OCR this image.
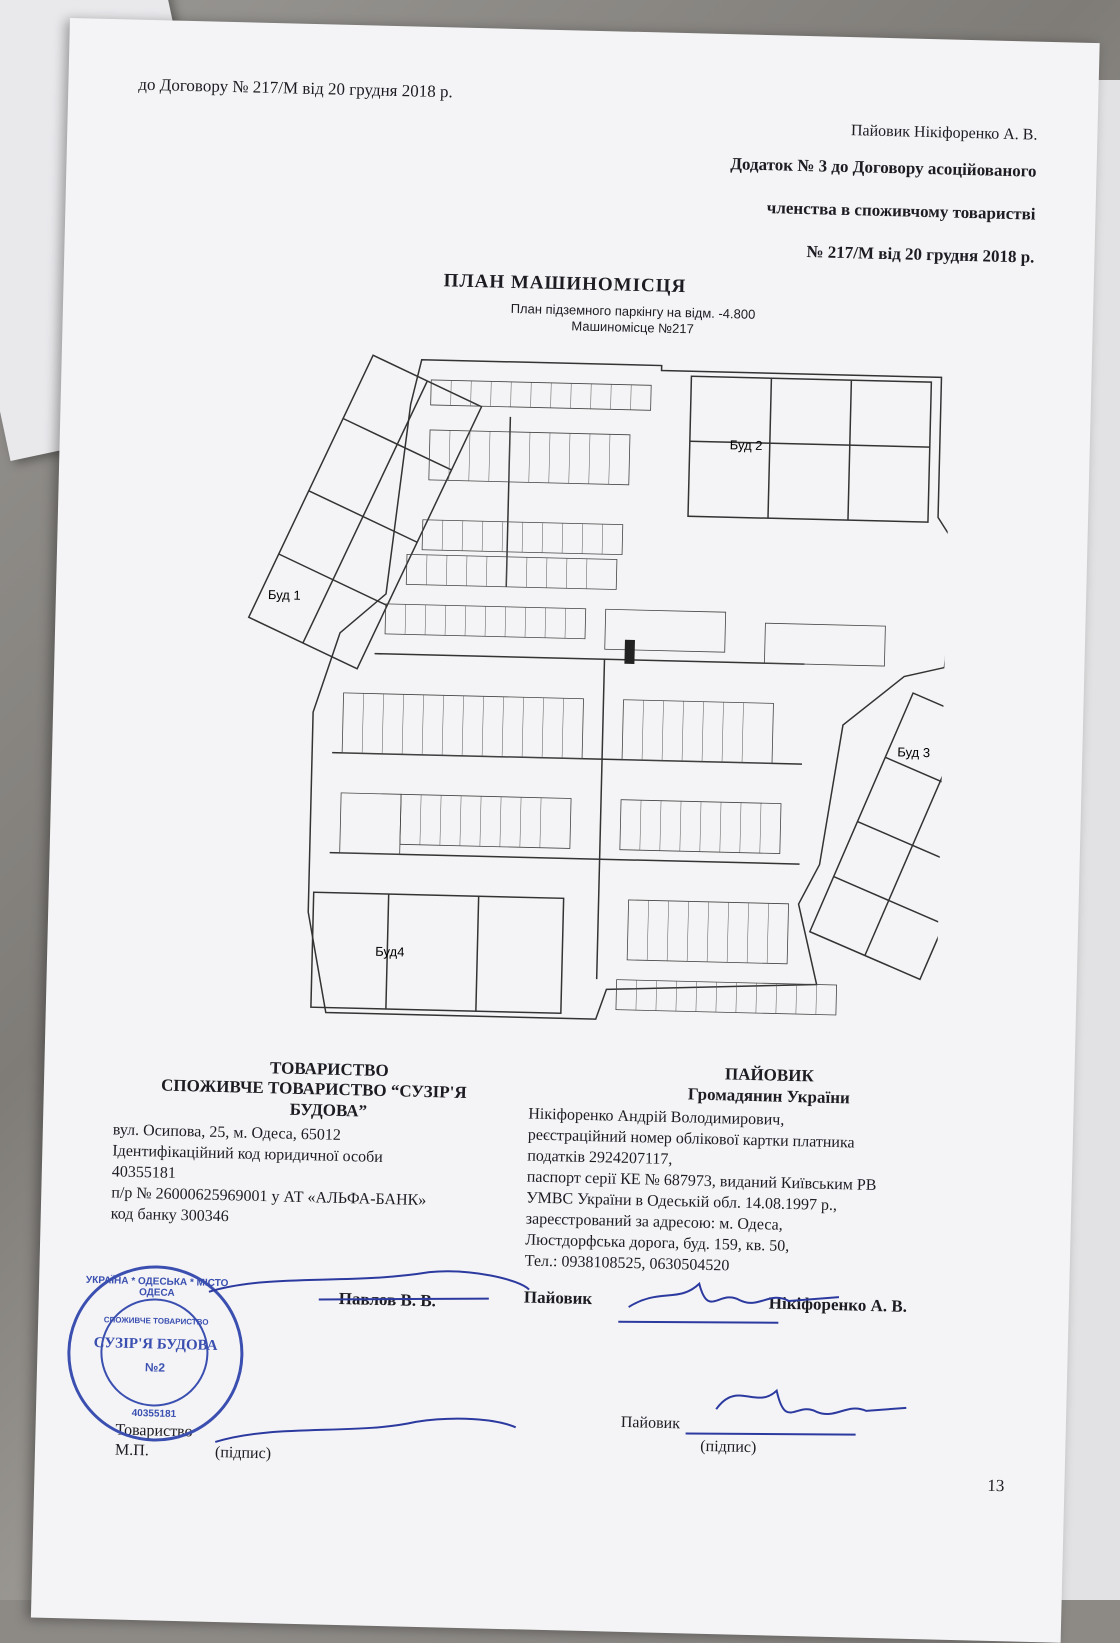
до Договору № 217/М від 20 грудня 2018 р.
Пайовик Нікіфоренко А. В.
Додаток № 3 до Договору асоційованого
членства в споживчому товаристві
№ 217/М від 20 грудня 2018 р.
ПЛАН МАШИНОМІСЦЯ
План підземного паркінгу на відм. -4.800
Машиномісце №217
Буд 2
Буд 1
Буд 3
Буд4
ТОВАРИСТВО
СПОЖИВЧЕ ТОВАРИСТВО “СУЗІР'Я
БУДОВА”
вул. Осипова, 25, м. Одеса, 65012
Ідентифікаційний код юридичної особи
40355181
п/р № 26000625969001 у АТ «АЛЬФА-БАНК»
код банку 300346
Павлов В. В.
Товариство
М.П.	(підпис)
УКРАЇНА * ОДЕСЬКА * МІСТО ОДЕСА
СПОЖИВЧЕ ТОВАРИСТВО
СУЗІР'Я БУДОВА
№2
40355181
ПАЙОВИК
Громадянин України
Нікіфоренко Андрій Володимирович,
реєстраційний номер облікової картки платника
податків 2924207117,
паспорт серії КЕ № 687973, виданий Київським РВ
УМВС України в Одеській обл. 14.08.1997 р.,
зареєстрований за адресою: м. Одеса,
Люстдорфська дорога, буд. 159, кв. 50,
Тел.: 0938108525, 0630504520
Пайовик	Нікіфоренко А. В.
Пайовик
(підпис)
13
